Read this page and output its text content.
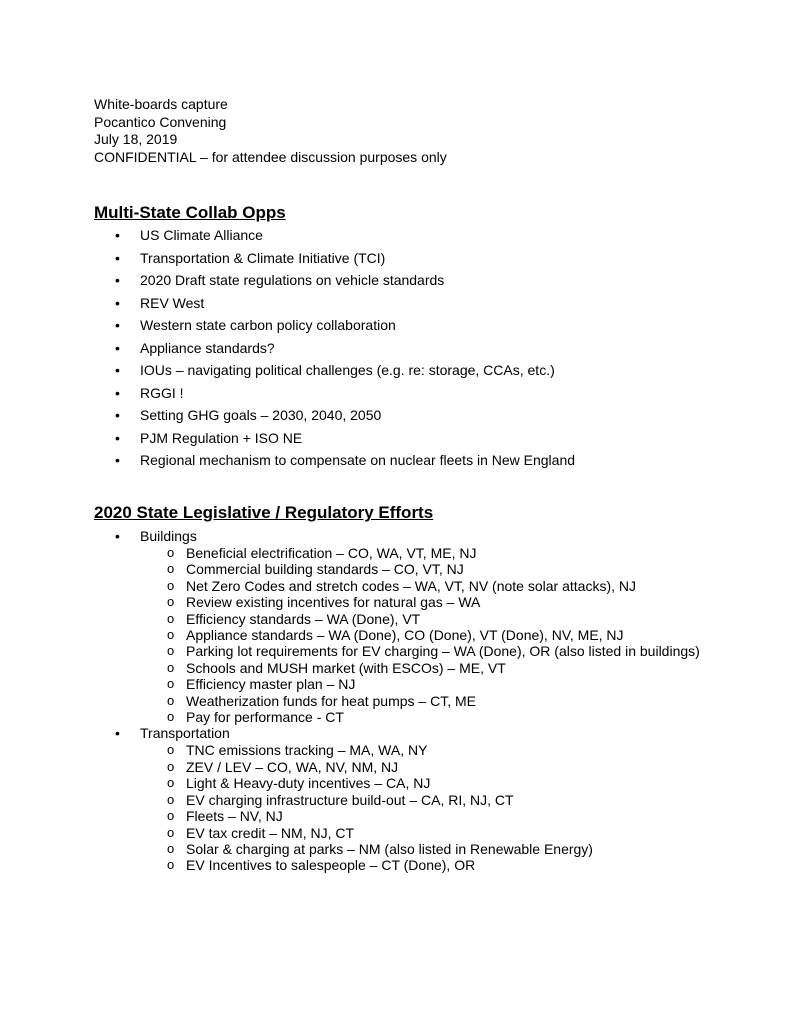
White-boards capture
Pocantico Convening
July 18, 2019
CONFIDENTIAL – for attendee discussion purposes only
Multi-State Collab Opps
• US Climate Alliance
• Transportation & Climate Initiative (TCI)
• 2020 Draft state regulations on vehicle standards
• REV West
• Western state carbon policy collaboration
• Appliance standards?
• IOUs – navigating political challenges (e.g. re: storage, CCAs, etc.)
• RGGI !
• Setting GHG goals – 2030, 2040, 2050
• PJM Regulation + ISO NE
• Regional mechanism to compensate on nuclear fleets in New England
2020 State Legislative / Regulatory Efforts
• Buildings
o Beneficial electrification – CO, WA, VT, ME, NJ
o Commercial building standards – CO, VT, NJ
o Net Zero Codes and stretch codes – WA, VT, NV (note solar attacks), NJ
o Review existing incentives for natural gas – WA
o Efficiency standards – WA (Done), VT
o Appliance standards – WA (Done), CO (Done), VT (Done), NV, ME, NJ
o Parking lot requirements for EV charging – WA (Done), OR (also listed in buildings)
o Schools and MUSH market (with ESCOs) – ME, VT
o Efficiency master plan – NJ
o Weatherization funds for heat pumps – CT, ME
o Pay for performance - CT
• Transportation
o TNC emissions tracking – MA, WA, NY
o ZEV / LEV – CO, WA, NV, NM, NJ
o Light & Heavy-duty incentives – CA, NJ
o EV charging infrastructure build-out – CA, RI, NJ, CT
o Fleets – NV, NJ
o EV tax credit – NM, NJ, CT
o Solar & charging at parks – NM (also listed in Renewable Energy)
o EV Incentives to salespeople – CT (Done), OR
